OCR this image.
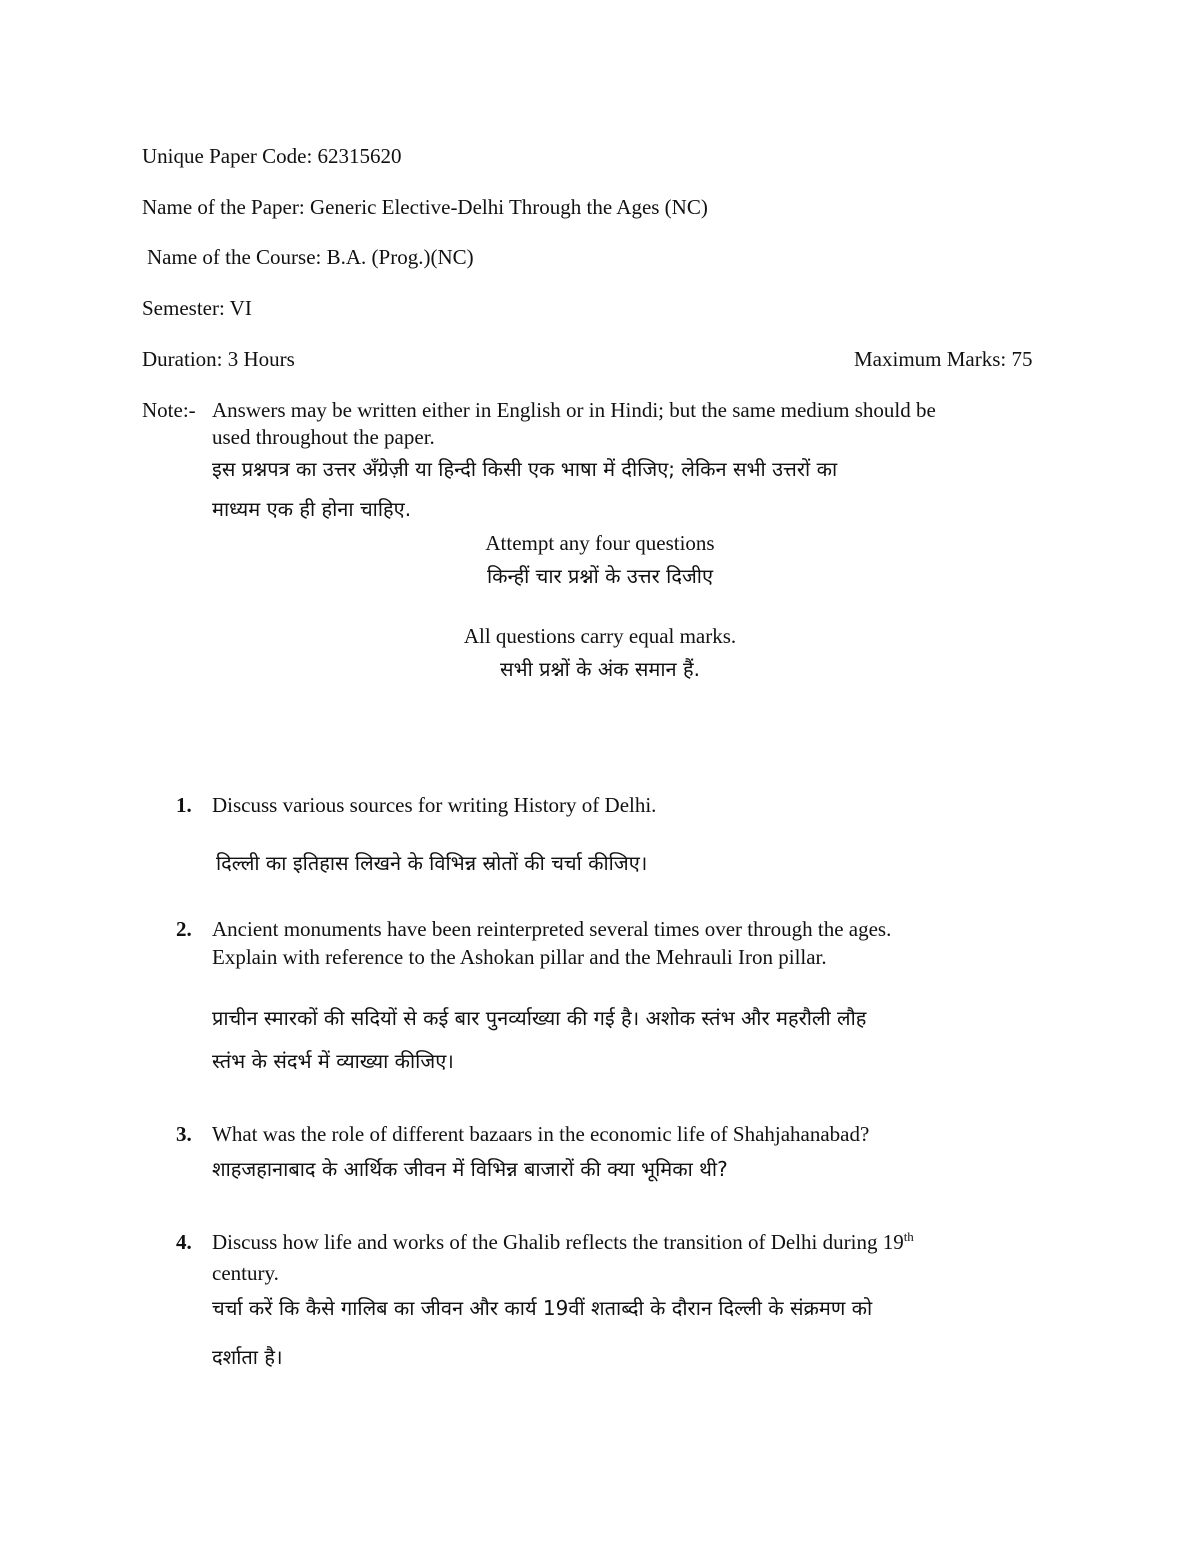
Unique Paper Code: 62315620
Name of the Paper: Generic Elective-Delhi Through the Ages (NC)
Name of the Course: B.A. (Prog.)(NC)
Semester: VI
Duration: 3 Hours	Maximum Marks: 75
Note:- Answers may be written either in English or in Hindi; but the same medium should be
used throughout the paper.
इस प्रश्नपत्र का उत्तर अँग्रेज़ी या हिन्दी किसी एक भाषा में दीजिए; लेकिन सभी उत्तरों का
माध्यम एक ही होना चाहिए.
Attempt any four questions
किन्हीं चार प्रश्नों के उत्तर दिजीए
All questions carry equal marks.
सभी प्रश्नों के अंक समान हैं.
1. Discuss various sources for writing History of Delhi.
दिल्ली का इतिहास लिखने के विभिन्न स्रोतों की चर्चा कीजिए।
2. Ancient monuments have been reinterpreted several times over through the ages.
Explain with reference to the Ashokan pillar and the Mehrauli Iron pillar.
प्राचीन स्मारकों की सदियों से कई बार पुनर्व्याख्या की गई है। अशोक स्तंभ और महरौली लौह
स्तंभ के संदर्भ में व्याख्या कीजिए।
3. What was the role of different bazaars in the economic life of Shahjahanabad?
शाहजहानाबाद के आर्थिक जीवन में विभिन्न बाजारों की क्या भूमिका थी?
4. Discuss how life and works of the Ghalib reflects the transition of Delhi during 19th
century.
चर्चा करें कि कैसे गालिब का जीवन और कार्य 19वीं शताब्दी के दौरान दिल्ली के संक्रमण को
दर्शाता है।
